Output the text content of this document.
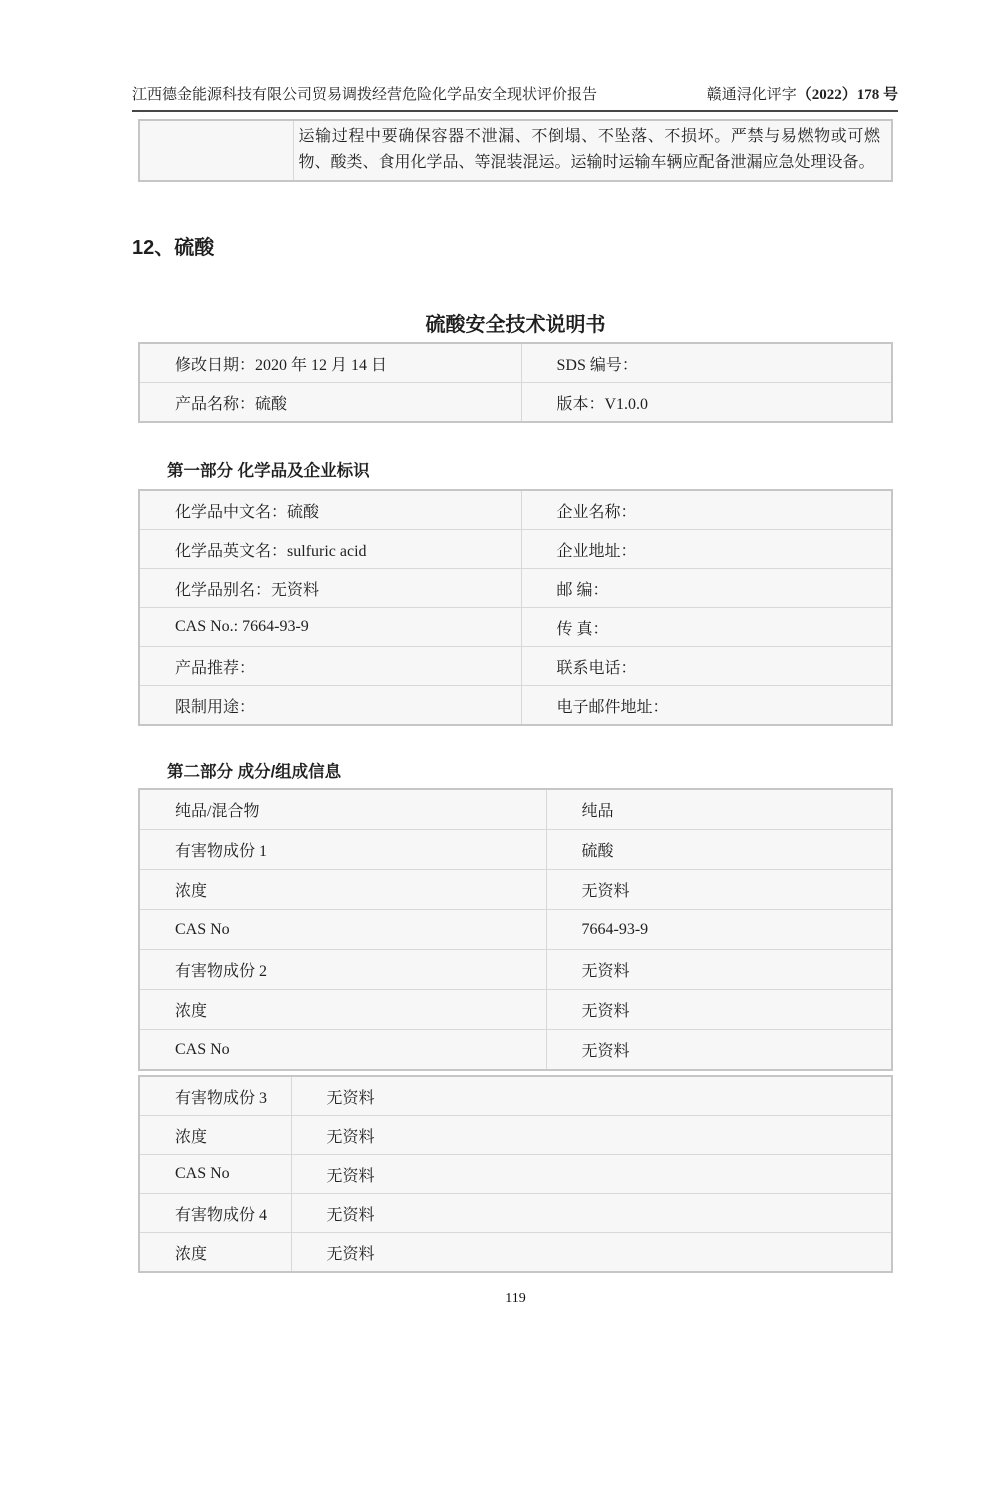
江西德金能源科技有限公司贸易调拨经营危险化学品安全现状评价报告	赣通浔化评字（2022）178 号
	运输过程中要确保容器不泄漏、不倒塌、不坠落、不损坏。严禁与易燃物或可燃物、酸类、食用化学品、等混装混运。运输时运输车辆应配备泄漏应急处理设备。
12、硫酸
硫酸安全技术说明书
修改日期：2020 年 12 月 14 日	SDS 编号：
产品名称：硫酸	版本：V1.0.0
第一部分 化学品及企业标识
化学品中文名：硫酸	企业名称：
化学品英文名：sulfuric acid	企业地址：
化学品别名：无资料	邮 编：
CAS No.: 7664-93-9	传 真：
产品推荐：	联系电话：
限制用途：	电子邮件地址：
第二部分 成分/组成信息
纯品/混合物	纯品
有害物成份 1	硫酸
浓度	无资料
CAS No	7664-93-9
有害物成份 2	无资料
浓度	无资料
CAS No	无资料
有害物成份 3	无资料
浓度	无资料
CAS No	无资料
有害物成份 4	无资料
浓度	无资料
119
